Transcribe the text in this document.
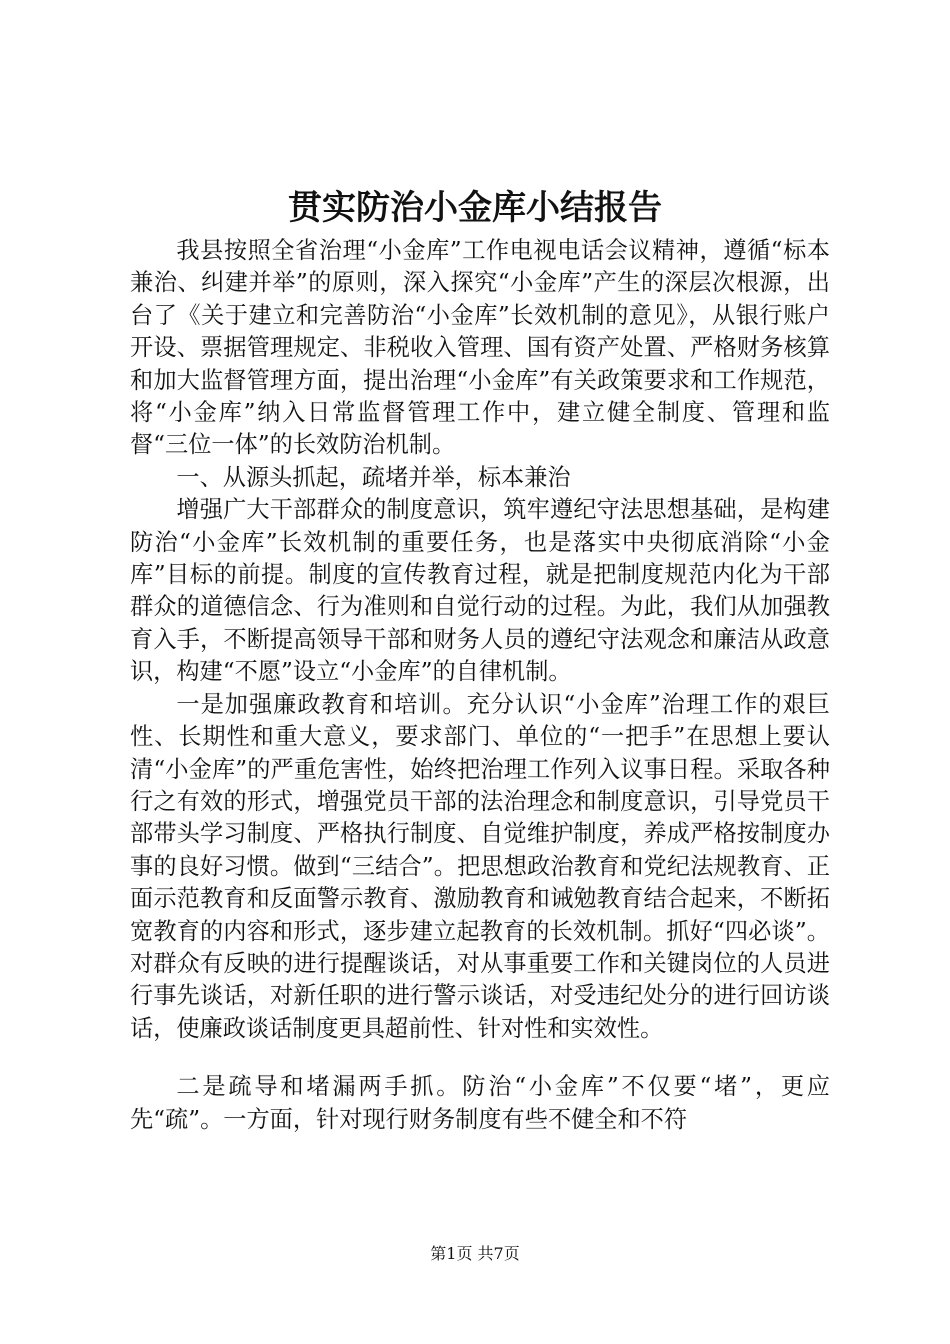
贯实防治小金库小结报告

我县按照全省治理“小金库”工作电视电话会议精神，遵循“标本兼治、纠建并举”的原则，深入探究“小金库”产生的深层次根源，出台了《关于建立和完善防治“小金库”长效机制的意见》，从银行账户开设、票据管理规定、非税收入管理、国有资产处置、严格财务核算和加大监督管理方面，提出治理“小金库”有关政策要求和工作规范，将“小金库”纳入日常监督管理工作中，建立健全制度、管理和监督“三位一体”的长效防治机制。

一、从源头抓起，疏堵并举，标本兼治

增强广大干部群众的制度意识，筑牢遵纪守法思想基础，是构建防治“小金库”长效机制的重要任务，也是落实中央彻底消除“小金库”目标的前提。制度的宣传教育过程，就是把制度规范内化为干部群众的道德信念、行为准则和自觉行动的过程。为此，我们从加强教育入手，不断提高领导干部和财务人员的遵纪守法观念和廉洁从政意识，构建“不愿”设立“小金库”的自律机制。

一是加强廉政教育和培训。充分认识“小金库”治理工作的艰巨性、长期性和重大意义，要求部门、单位的“一把手”在思想上要认清“小金库”的严重危害性，始终把治理工作列入议事日程。采取各种行之有效的形式，增强党员干部的法治理念和制度意识，引导党员干部带头学习制度、严格执行制度、自觉维护制度，养成严格按制度办事的良好习惯。做到“三结合”。把思想政治教育和党纪法规教育、正面示范教育和反面警示教育、激励教育和诫勉教育结合起来，不断拓宽教育的内容和形式，逐步建立起教育的长效机制。抓好“四必谈”。对群众有反映的进行提醒谈话，对从事重要工作和关键岗位的人员进行事先谈话，对新任职的进行警示谈话，对受违纪处分的进行回访谈话，使廉政谈话制度更具超前性、针对性和实效性。

二是疏导和堵漏两手抓。防治“小金库”不仅要“堵”，更应先“疏”。一方面，针对现行财务制度有些不健全和不符

第1页 共7页
